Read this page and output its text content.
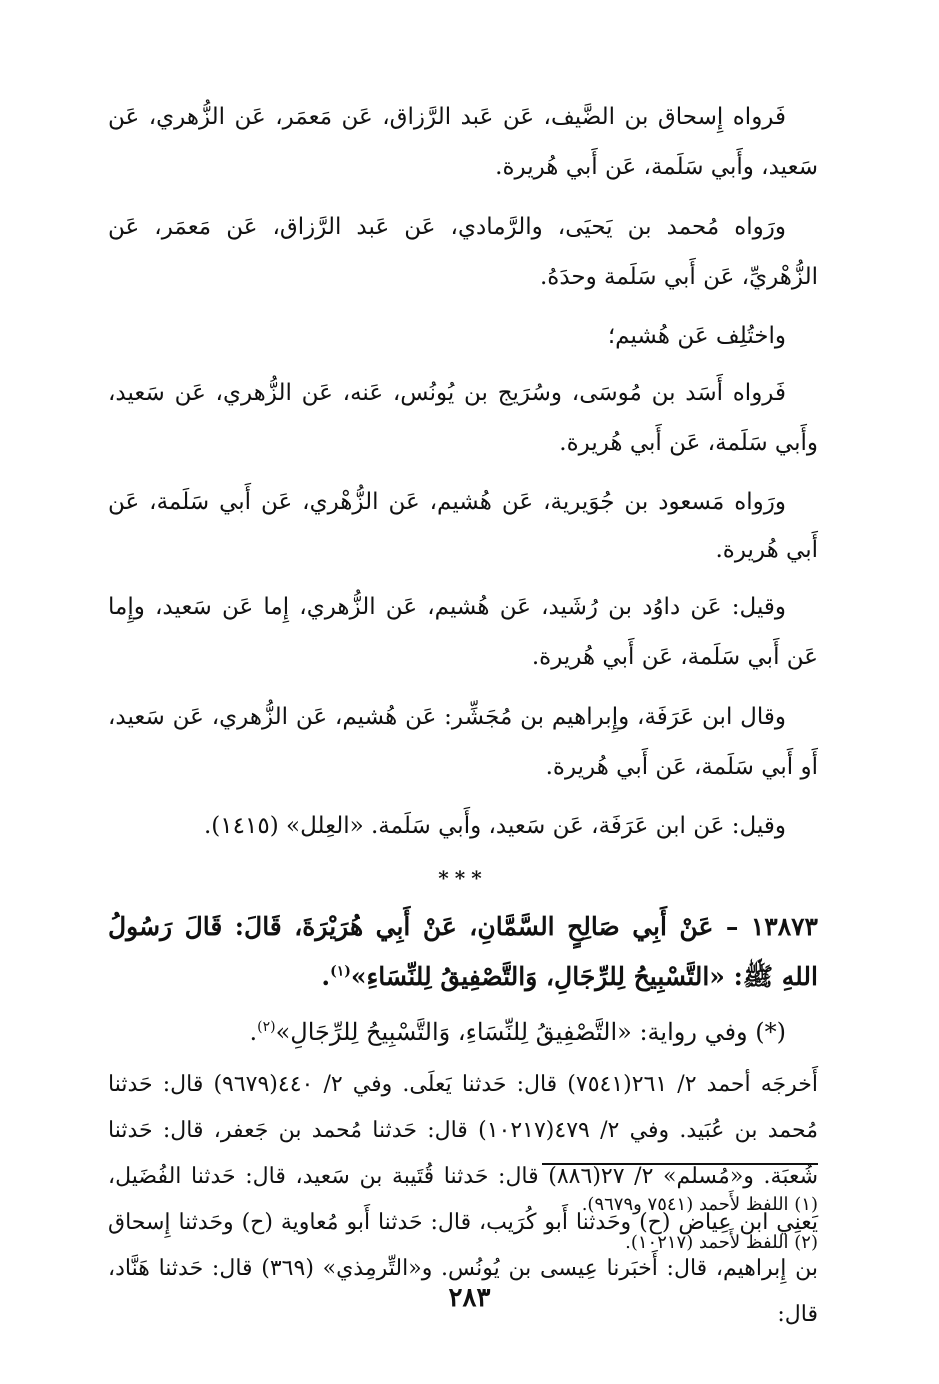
فَرواه إِسحاق بن الضَّيف، عَن عَبد الرَّزاق، عَن مَعمَر، عَن الزُّهري، عَن سَعيد، وأَبي سَلَمة، عَن أَبي هُريرة.

ورَواه مُحمد بن يَحيَى، والرَّمادي، عَن عَبد الرَّزاق، عَن مَعمَر، عَن الزُّهْريِّ، عَن أَبي سَلَمة وحدَهُ.

واختُلِف عَن هُشيم؛

فَرواه أَسَد بن مُوسَى، وسُرَيج بن يُونُس، عَنه، عَن الزُّهري، عَن سَعيد، وأَبي سَلَمة، عَن أَبي هُريرة.

ورَواه مَسعود بن جُوَيرية، عَن هُشيم، عَن الزُّهْري، عَن أَبي سَلَمة، عَن أَبي هُريرة.

وقيل: عَن داوُد بن رُشَيد، عَن هُشيم، عَن الزُّهري، إِما عَن سَعيد، وإِما عَن أَبي سَلَمة، عَن أَبي هُريرة.

وقال ابن عَرَفَة، وإِبراهيم بن مُجَشِّر: عَن هُشيم، عَن الزُّهري، عَن سَعيد، أَو أَبي سَلَمة، عَن أَبي هُريرة.

وقيل: عَن ابن عَرَفَة، عَن سَعيد، وأَبي سَلَمة. «العِلل» (١٤١٥).

***

١٣٨٧٣ – عَنْ أَبِي صَالِحٍ السَّمَّانِ، عَنْ أَبِي هُرَيْرَةَ، قَالَ: قَالَ رَسُولُ اللهِ ﷺ: «التَّسْبِيحُ لِلرِّجَالِ، وَالتَّصْفِيقُ لِلنِّسَاءِ»$^{(١)}$.

(*) وفي رواية: «التَّصْفِيقُ لِلنِّسَاءِ، وَالتَّسْبِيحُ لِلرِّجَالِ»$^{(٢)}$.

أَخرجَه أحمد ٢/ ٢٦١(٧٥٤١) قال: حَدثنا يَعلَى. وفي ٢/ ٤٤٠(٩٦٧٩) قال: حَدثنا مُحمد بن عُبَيد. وفي ٢/ ٤٧٩(١٠٢١٧) قال: حَدثنا مُحمد بن جَعفر، قال: حَدثنا شُعبَة. و«مُسلم» ٢/ ٢٧(٨٨٦) قال: حَدثنا قُتَيبة بن سَعيد، قال: حَدثنا الفُضَيل، يَعنِي ابن عِياض (ح) وحَدثنا أَبو كُرَيب، قال: حَدثنا أَبو مُعاوية (ح) وحَدثنا إِسحاق بن إِبراهيم، قال: أَخبَرنا عِيسى بن يُونُس. و«التِّرمِذي» (٣٦٩) قال: حَدثنا هَنَّاد، قال:

(١) اللفظ لأَحمد (٧٥٤١ و٩٦٧٩).
(٢) اللفظ لأَحمد (١٠٢١٧).
٢٨٣
